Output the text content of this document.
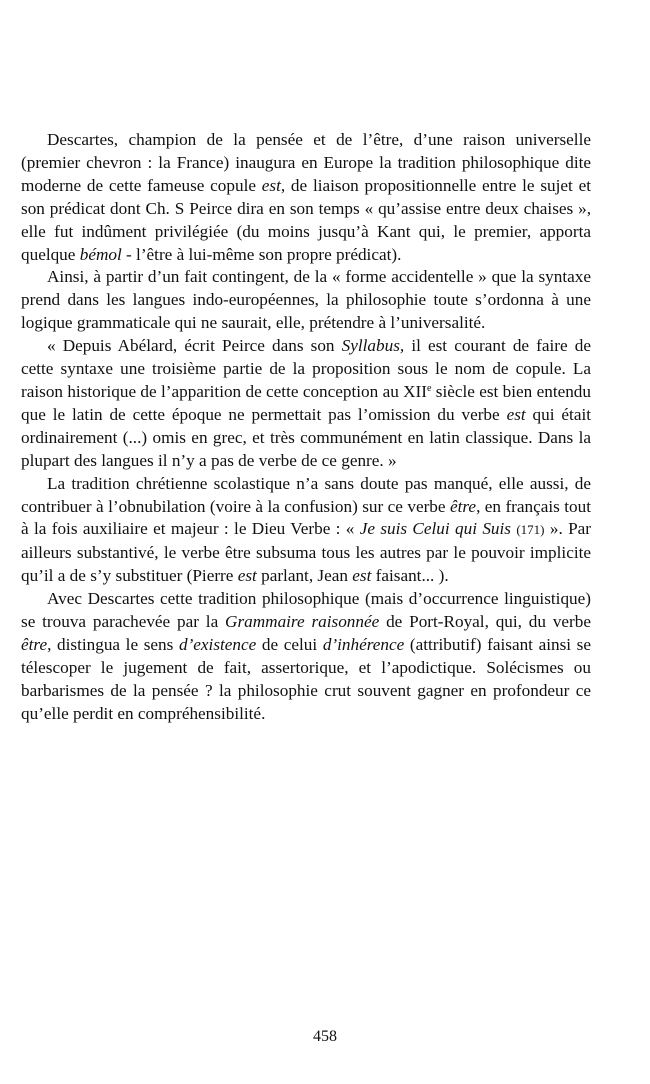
Descartes, champion de la pensée et de l’être, d’une raison universelle (premier chevron : la France) inaugura en Europe la tradition philosophique dite moderne de cette fameuse copule est, de liaison propositionnelle entre le sujet et son prédicat dont Ch. S Peirce dira en son temps « qu’assise entre deux chaises », elle fut indûment privilégiée (du moins jusqu’à Kant qui, le premier, apporta quelque bémol - l’être à lui-même son propre prédicat).

Ainsi, à partir d’un fait contingent, de la « forme accidentelle » que la syntaxe prend dans les langues indo-européennes, la philosophie toute s’ordonna à une logique grammaticale qui ne saurait, elle, prétendre à l’universalité.

« Depuis Abélard, écrit Peirce dans son Syllabus, il est courant de faire de cette syntaxe une troisième partie de la proposition sous le nom de copule. La raison historique de l’apparition de cette conception au XIIe siècle est bien entendu que le latin de cette époque ne permettait pas l’omission du verbe est qui était ordinairement (...) omis en grec, et très communément en latin classique. Dans la plupart des langues il n’y a pas de verbe de ce genre. »

La tradition chrétienne scolastique n’a sans doute pas manqué, elle aussi, de contribuer à l’obnubilation (voire à la confusion) sur ce verbe être, en français tout à la fois auxiliaire et majeur : le Dieu Verbe : « Je suis Celui qui Suis (171) ». Par ailleurs substantivé, le verbe être subsuma tous les autres par le pouvoir implicite qu’il a de s’y substituer (Pierre est parlant, Jean est faisant... ).

Avec Descartes cette tradition philosophique (mais d’occurrence linguistique) se trouva parachevée par la Grammaire raisonnée de Port-Royal, qui, du verbe être, distingua le sens d’existence de celui d’inhérence (attributif) faisant ainsi se télescoper le jugement de fait, assertorique, et l’apodictique. Solécismes ou barbarismes de la pensée ? la philosophie crut souvent gagner en profondeur ce qu’elle perdit en compréhensibilité.

458
